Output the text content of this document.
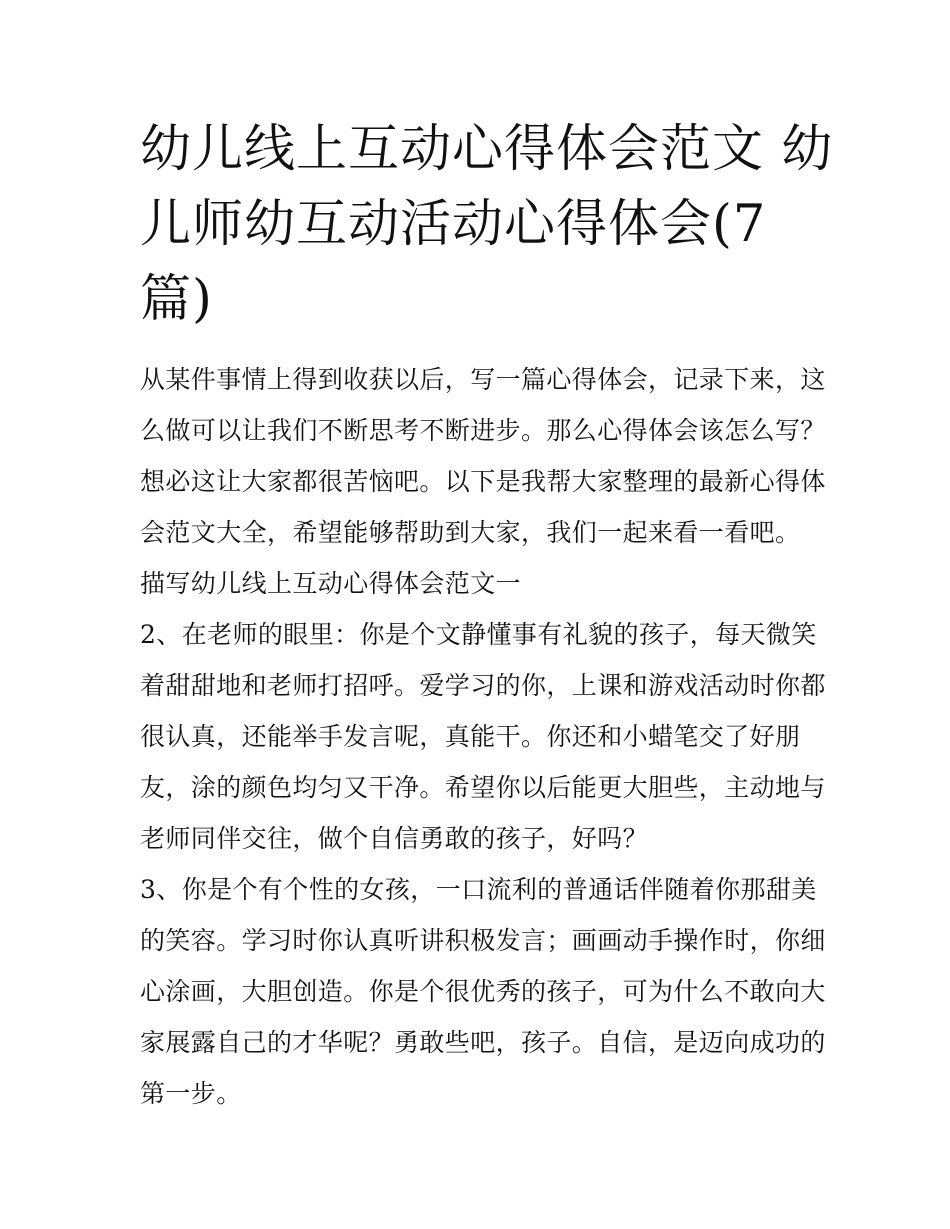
幼儿线上互动心得体会范文 幼
儿师幼互动活动心得体会(7
篇)

从某件事情上得到收获以后，写一篇心得体会，记录下来，这
么做可以让我们不断思考不断进步。那么心得体会该怎么写？
想必这让大家都很苦恼吧。以下是我帮大家整理的最新心得体
会范文大全，希望能够帮助到大家，我们一起来看一看吧。

描写幼儿线上互动心得体会范文一

2、在老师的眼里：你是个文静懂事有礼貌的孩子，每天微笑
着甜甜地和老师打招呼。爱学习的你，上课和游戏活动时你都
很认真，还能举手发言呢，真能干。你还和小蜡笔交了好朋
友，涂的颜色均匀又干净。希望你以后能更大胆些，主动地与
老师同伴交往，做个自信勇敢的孩子，好吗？

3、你是个有个性的女孩，一口流利的普通话伴随着你那甜美
的笑容。学习时你认真听讲积极发言；画画动手操作时，你细
心涂画，大胆创造。你是个很优秀的孩子，可为什么不敢向大
家展露自己的才华呢？勇敢些吧，孩子。自信，是迈向成功的
第一步。
